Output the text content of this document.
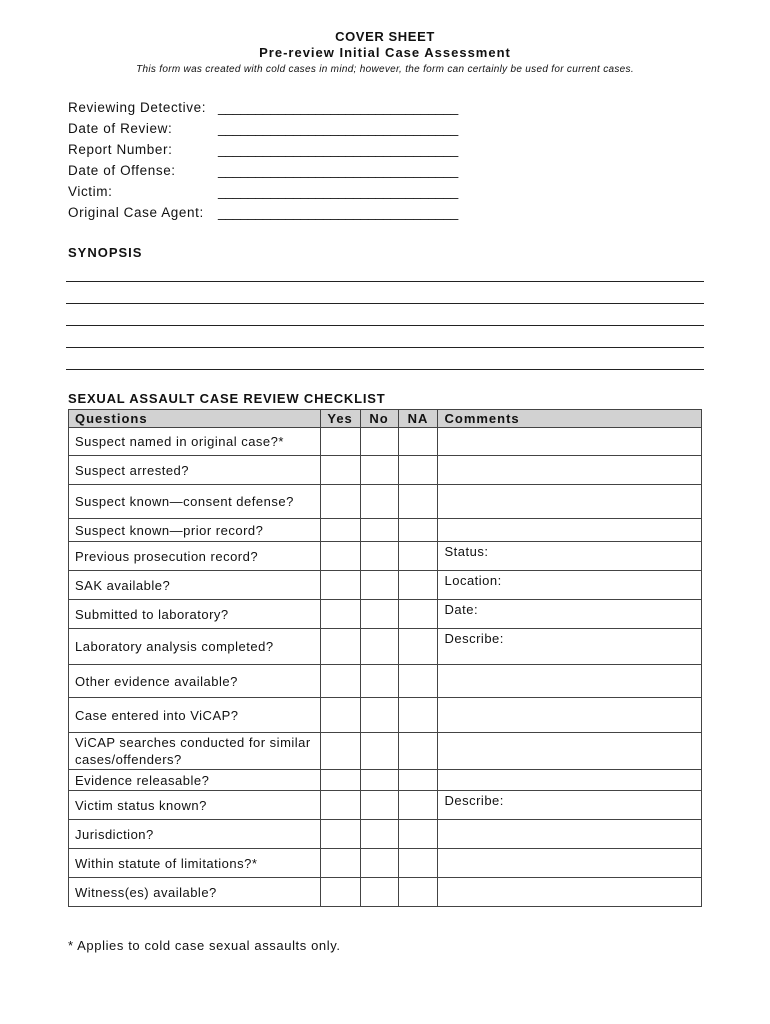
COVER SHEET
Pre-review Initial Case Assessment
This form was created with cold cases in mind; however, the form can certainly be used for current cases.
Reviewing Detective: ________________________________
Date of Review:	________________________________
Report Number:	________________________________
Date of Offense:	________________________________
Victim:	________________________________
Original Case Agent: ________________________________
SYNOPSIS
SEXUAL ASSAULT CASE REVIEW CHECKLIST
Questions	Yes	No	NA	Comments
Suspect named in original case?*				
Suspect arrested?				
Suspect known—consent defense?				
Suspect known—prior record?				
Previous prosecution record?				Status:
SAK available?				Location:
Submitted to laboratory?				Date:
Laboratory analysis completed?				Describe:
Other evidence available?				
Case entered into ViCAP?				
ViCAP searches conducted for similar cases/offenders?				
Evidence releasable?				
Victim status known?				Describe:
Jurisdiction?				
Within statute of limitations?*				
Witness(es) available?				
* Applies to cold case sexual assaults only.
